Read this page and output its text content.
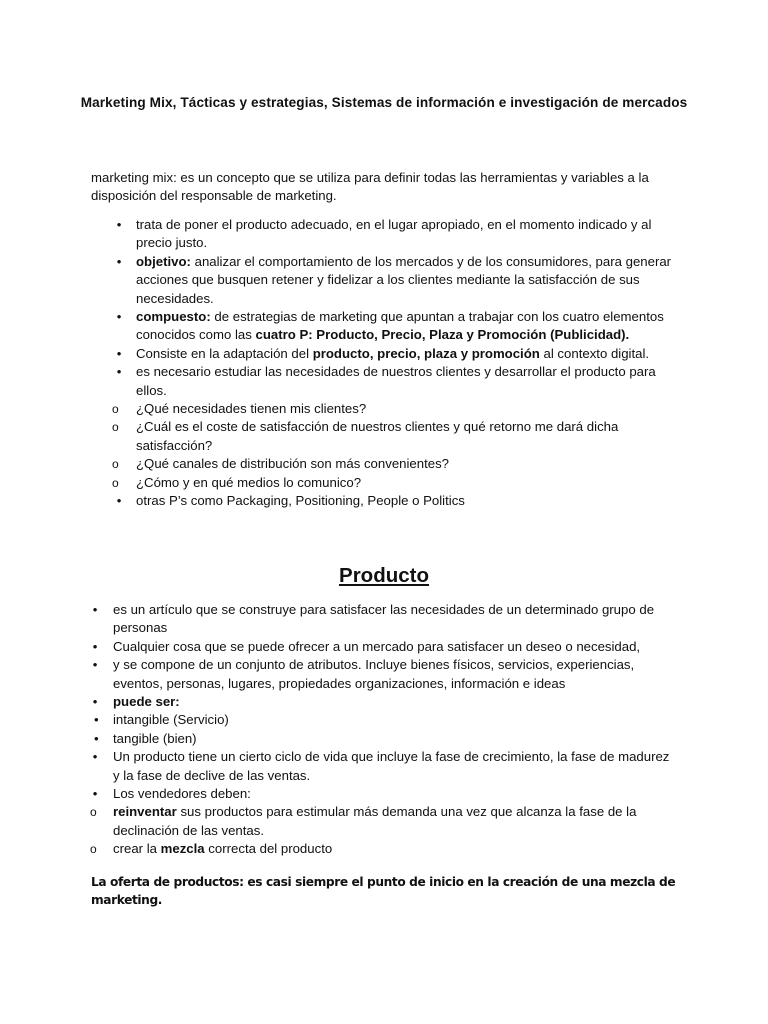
Marketing Mix, Tácticas y estrategias, Sistemas de información e investigación de mercados
marketing mix: es un concepto que se utiliza para definir todas las herramientas y variables a la disposición del responsable de marketing.
• trata de poner el producto adecuado, en el lugar apropiado, en el momento indicado y al precio justo.
• objetivo: analizar el comportamiento de los mercados y de los consumidores, para generar acciones que busquen retener y fidelizar a los clientes mediante la satisfacción de sus necesidades.
• compuesto: de estrategias de marketing que apuntan a trabajar con los cuatro elementos conocidos como las cuatro P: Producto, Precio, Plaza y Promoción (Publicidad).
• Consiste en la adaptación del producto, precio, plaza y promoción al contexto digital.
• es necesario estudiar las necesidades de nuestros clientes y desarrollar el producto para ellos.
o ¿Qué necesidades tienen mis clientes?
o ¿Cuál es el coste de satisfacción de nuestros clientes y qué retorno me dará dicha satisfacción?
o ¿Qué canales de distribución son más convenientes?
o ¿Cómo y en qué medios lo comunico?
• otras P’s como Packaging, Positioning, People o Politics
Producto
• es un artículo que se construye para satisfacer las necesidades de un determinado grupo de personas
• Cualquier cosa que se puede ofrecer a un mercado para satisfacer un deseo o necesidad,
• y se compone de un conjunto de atributos. Incluye bienes físicos, servicios, experiencias, eventos, personas, lugares, propiedades organizaciones, información e ideas
• puede ser:
• intangible (Servicio)
• tangible (bien)
• Un producto tiene un cierto ciclo de vida que incluye la fase de crecimiento, la fase de madurez y la fase de declive de las ventas.
• Los vendedores deben:
o reinventar sus productos para estimular más demanda una vez que alcanza la fase de la declinación de las ventas.
o crear la mezcla correcta del producto
La oferta de productos: es casi siempre el punto de inicio en la creación de una mezcla de marketing.
